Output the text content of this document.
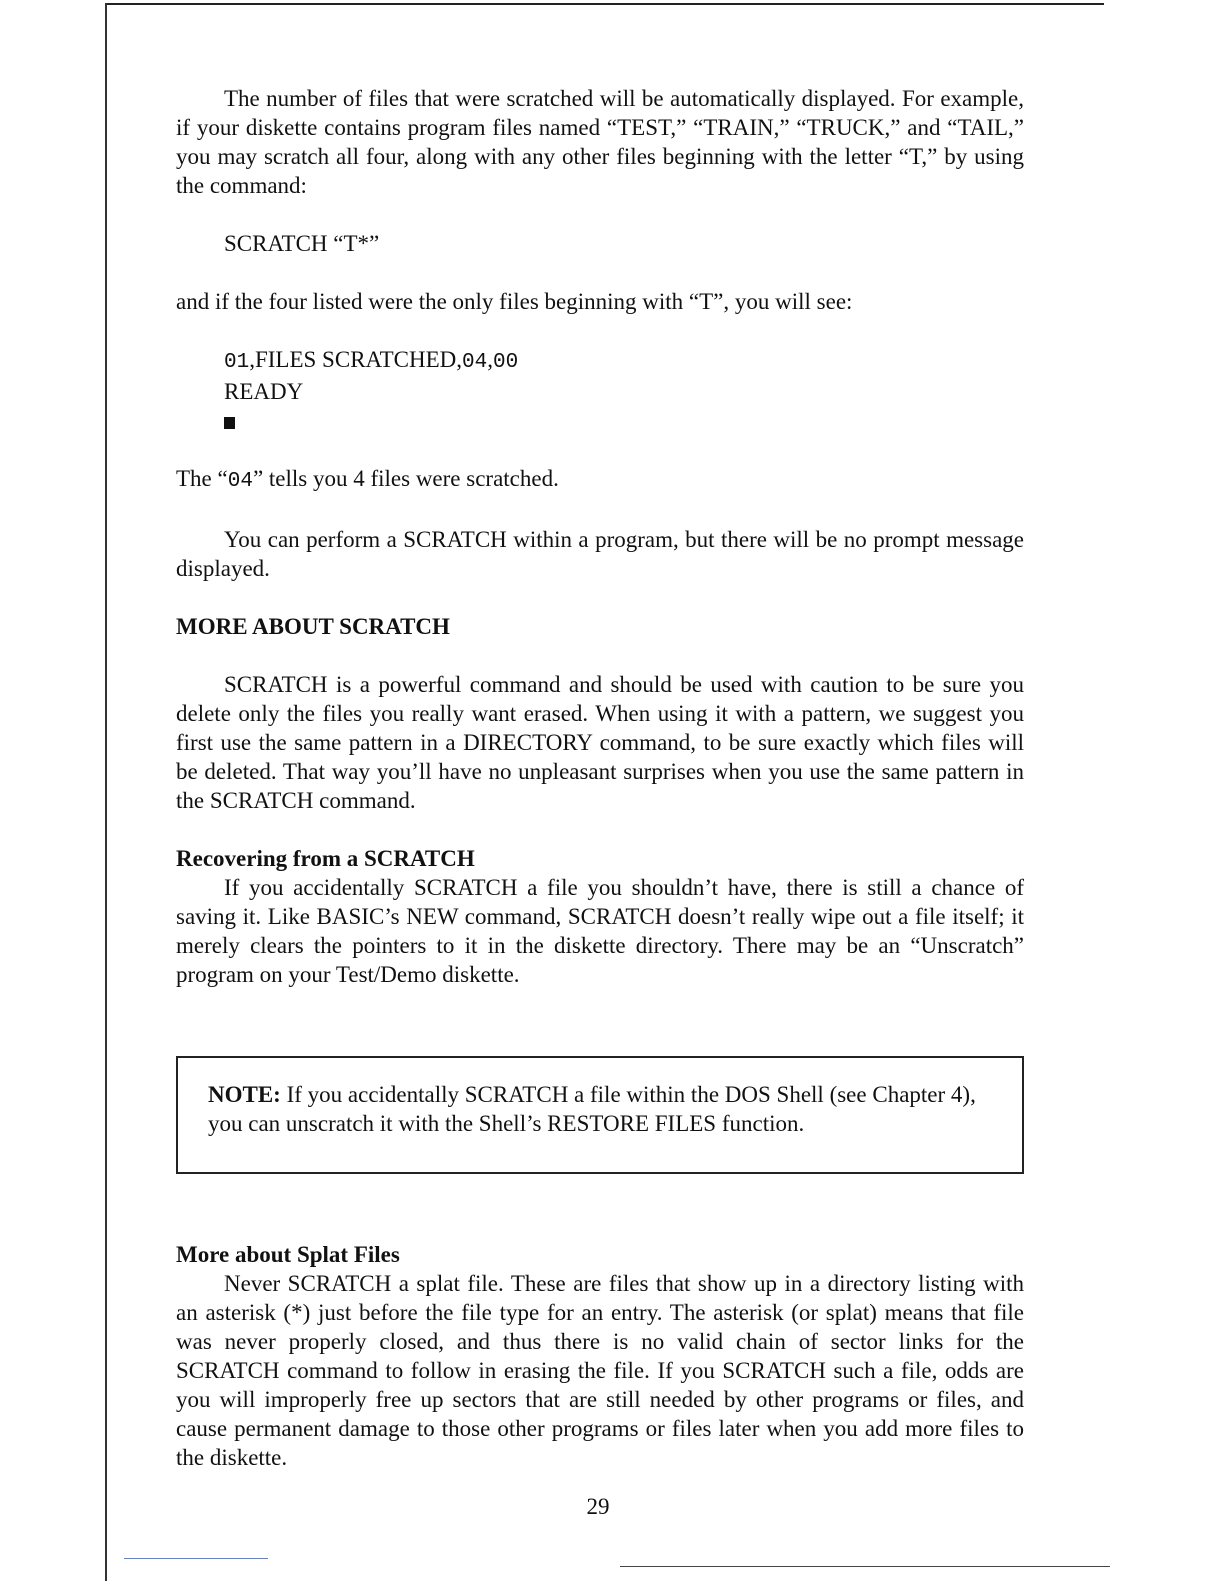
The number of files that were scratched will be automatically displayed. For example, if your diskette contains program files named “TEST,” “TRAIN,” “TRUCK,” and “TAIL,” you may scratch all four, along with any other files beginning with the letter “T,” by using the command:

SCRATCH “T*”

and if the four listed were the only files beginning with “T”, you will see:

01,FILES SCRATCHED,04,00
READY

The “04” tells you 4 files were scratched.

You can perform a SCRATCH within a program, but there will be no prompt message displayed.

MORE ABOUT SCRATCH

SCRATCH is a powerful command and should be used with caution to be sure you delete only the files you really want erased. When using it with a pattern, we suggest you first use the same pattern in a DIRECTORY command, to be sure exactly which files will be deleted. That way you’ll have no unpleasant surprises when you use the same pattern in the SCRATCH command.

Recovering from a SCRATCH

If you accidentally SCRATCH a file you shouldn’t have, there is still a chance of saving it. Like BASIC’s NEW command, SCRATCH doesn’t really wipe out a file itself; it merely clears the pointers to it in the diskette directory. There may be an “Unscratch” program on your Test/Demo diskette.

NOTE: If you accidentally SCRATCH a file within the DOS Shell (see Chapter 4), you can unscratch it with the Shell’s RESTORE FILES function.

More about Splat Files

Never SCRATCH a splat file. These are files that show up in a directory listing with an asterisk (*) just before the file type for an entry. The asterisk (or splat) means that file was never properly closed, and thus there is no valid chain of sector links for the SCRATCH command to follow in erasing the file. If you SCRATCH such a file, odds are you will improperly free up sectors that are still needed by other programs or files, and cause permanent damage to those other programs or files later when you add more files to the diskette.

29
